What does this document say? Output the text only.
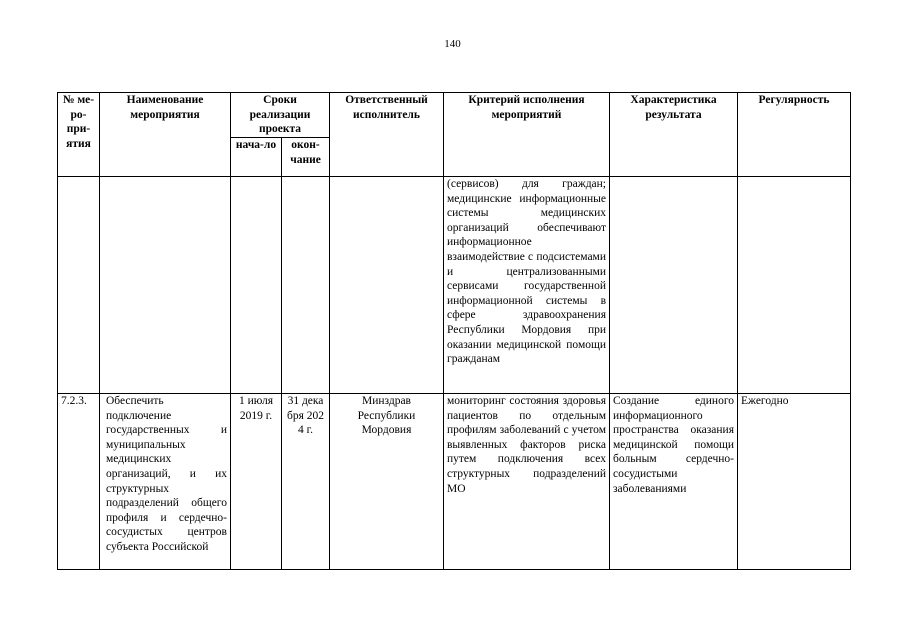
140
№ ме-ро-при-ятия	Наименование мероприятия	Сроки реализации проекта		Ответственный исполнитель	Критерий исполнения мероприятий	Характеристика результата	Регулярность
		нача-ло	окон-чание				
					(сервисов) для граждан; медицинские информационные системы медицинских организаций обеспечивают информационное взаимодействие с подсистемами и централизованными сервисами государственной информационной системы в сфере здравоохранения Республики Мордовия при оказании медицинской помощи гражданам		
7.2.3.	Обеспечить подключение государственных и муниципальных медицинских организаций, и их структурных подразделений общего профиля и сердечно-сосудистых центров субъекта Российской	1 июля 2019 г.	31 декабря 2024 г.	Минздрав Республики Мордовия	мониторинг состояния здоровья пациентов по отдельным профилям заболеваний с учетом выявленных факторов риска путем подключения всех структурных подразделений МО	Создание единого информационного пространства оказания медицинской помощи больным сердечно-сосудистыми заболеваниями	Ежегодно
